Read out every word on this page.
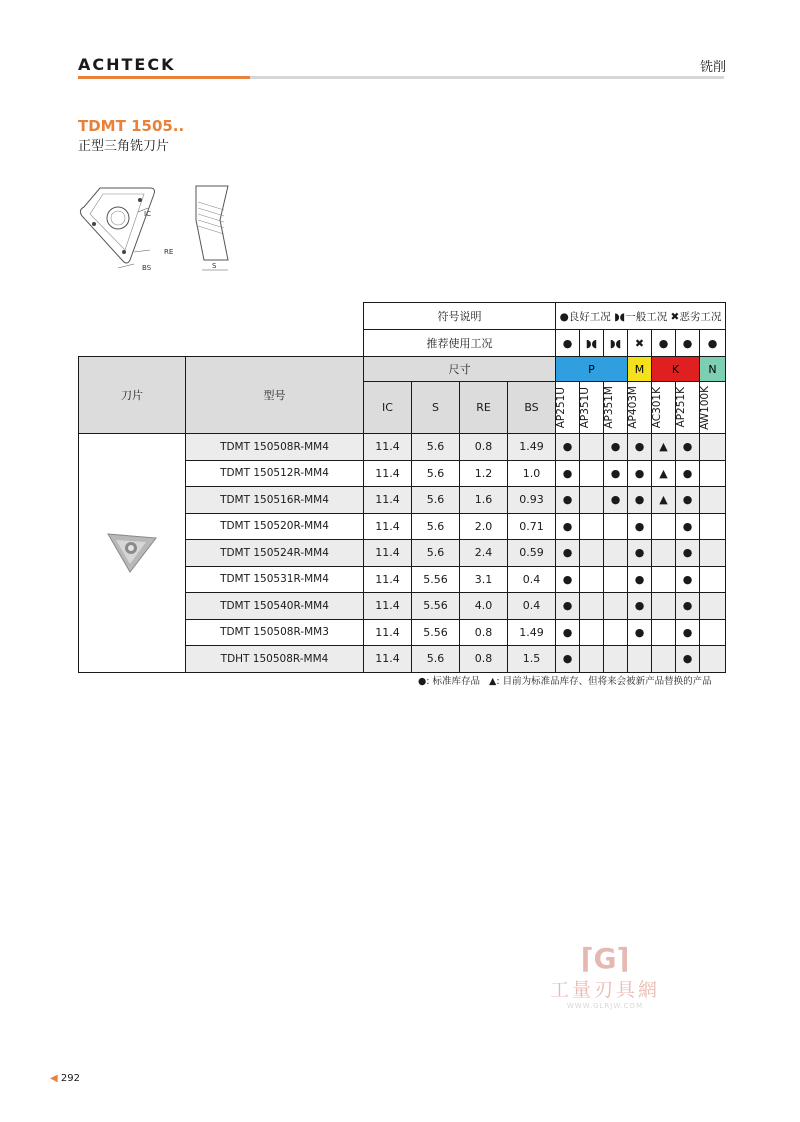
ACHTECK	铣削
TDMT 1505..
正型三角铣刀片
IC
RE
BS	S
		符号说明				●良好工况 ◗◖一般工况 ✖恶劣工况						
		推荐使用工况				●	◗◖	◗◖	✖	●	●	●
刀片	型号	尺寸				P			M	K		N
		IC	S	RE	BS	AP251U	AP351U	AP351M	AP403M	AC301K	AP251K	AW100K

	TDMT 150508R-MM4	11.4	5.6	0.8	1.49	●		●	●	▲	●	
	TDMT 150512R-MM4	11.4	5.6	1.2	1.0	●		●	●	▲	●	
	TDMT 150516R-MM4	11.4	5.6	1.6	0.93	●		●	●	▲	●	
	TDMT 150520R-MM4	11.4	5.6	2.0	0.71	●			●		●	
	TDMT 150524R-MM4	11.4	5.6	2.4	0.59	●			●		●	
	TDMT 150531R-MM4	11.4	5.56	3.1	0.4	●			●		●	
	TDMT 150540R-MM4	11.4	5.56	4.0	0.4	●			●		●	
	TDMT 150508R-MM3	11.4	5.56	0.8	1.49	●			●		●	
	TDHT 150508R-MM4	11.4	5.6	0.8	1.5	●					●	
●: 标准库存品 ▲: 目前为标准品库存、但将来会被新产品替换的产品
⌈G⌉
工量刃具網
WWW.GLRJW.COM
◀ 292
